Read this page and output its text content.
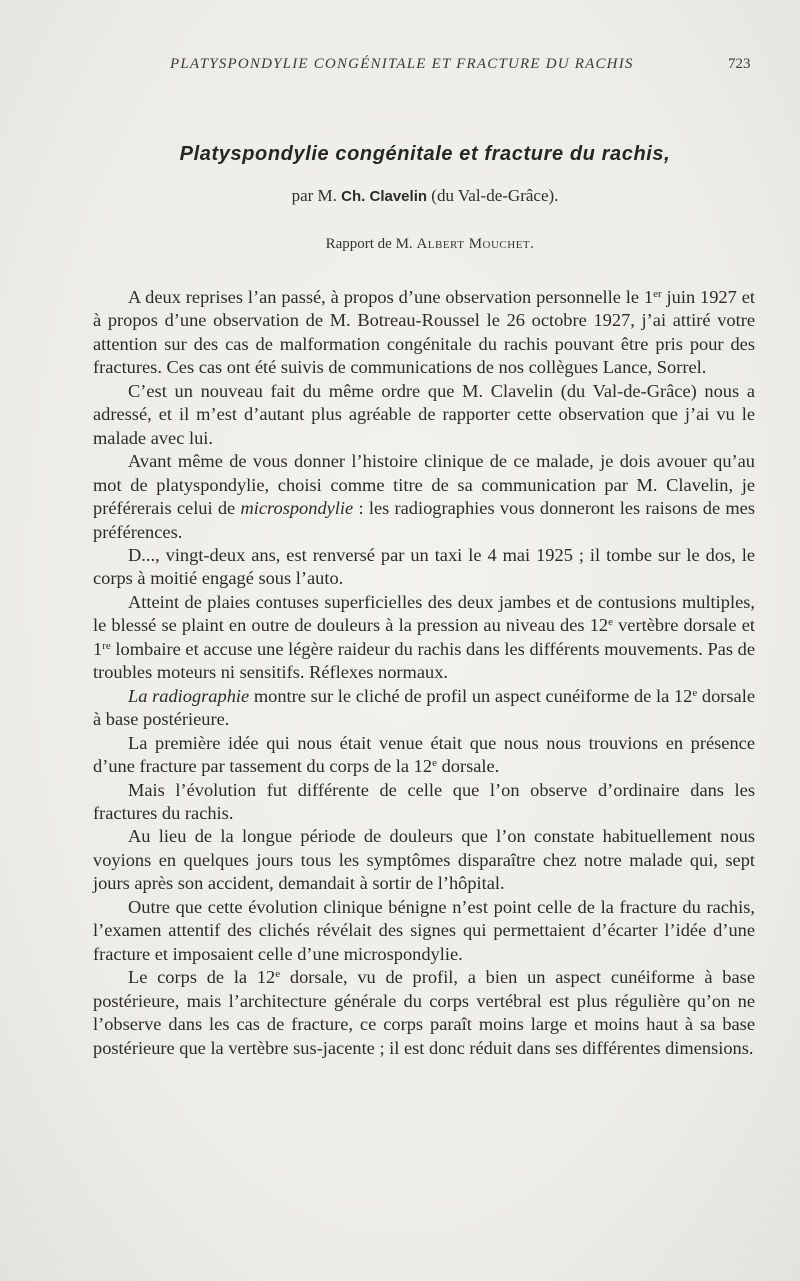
PLATYSPONDYLIE CONGÉNITALE ET FRACTURE DU RACHIS	723
Platyspondylie congénitale et fracture du rachis,
par M. Ch. Clavelin (du Val-de-Grâce).
Rapport de M. Albert Mouchet.

A deux reprises l’an passé, à propos d’une observation personnelle le 1er juin 1927 et à propos d’une observation de M. Botreau-Roussel le 26 octobre 1927, j’ai attiré votre attention sur des cas de malformation congénitale du rachis pouvant être pris pour des fractures. Ces cas ont été suivis de communications de nos collègues Lance, Sorrel.

C’est un nouveau fait du même ordre que M. Clavelin (du Val-de-Grâce) nous a adressé, et il m’est d’autant plus agréable de rapporter cette observation que j’ai vu le malade avec lui.

Avant même de vous donner l’histoire clinique de ce malade, je dois avouer qu’au mot de platyspondylie, choisi comme titre de sa communication par M. Clavelin, je préférerais celui de microspondylie : les radiographies vous donneront les raisons de mes préférences.

D..., vingt-deux ans, est renversé par un taxi le 4 mai 1925 ; il tombe sur le dos, le corps à moitié engagé sous l’auto.

Atteint de plaies contuses superficielles des deux jambes et de contusions multiples, le blessé se plaint en outre de douleurs à la pression au niveau des 12e vertèbre dorsale et 1re lombaire et accuse une légère raideur du rachis dans les différents mouvements. Pas de troubles moteurs ni sensitifs. Réflexes normaux.

La radiographie montre sur le cliché de profil un aspect cunéiforme de la 12e dorsale à base postérieure.

La première idée qui nous était venue était que nous nous trouvions en présence d’une fracture par tassement du corps de la 12e dorsale.

Mais l’évolution fut différente de celle que l’on observe d’ordinaire dans les fractures du rachis.

Au lieu de la longue période de douleurs que l’on constate habituellement nous voyions en quelques jours tous les symptômes disparaître chez notre malade qui, sept jours après son accident, demandait à sortir de l’hôpital.

Outre que cette évolution clinique bénigne n’est point celle de la fracture du rachis, l’examen attentif des clichés révélait des signes qui permettaient d’écarter l’idée d’une fracture et imposaient celle d’une microspondylie.

Le corps de la 12e dorsale, vu de profil, a bien un aspect cunéiforme à base postérieure, mais l’architecture générale du corps vertébral est plus régulière qu’on ne l’observe dans les cas de fracture, ce corps paraît moins large et moins haut à sa base postérieure que la vertèbre sus-jacente ; il est donc réduit dans ses différentes dimensions.
